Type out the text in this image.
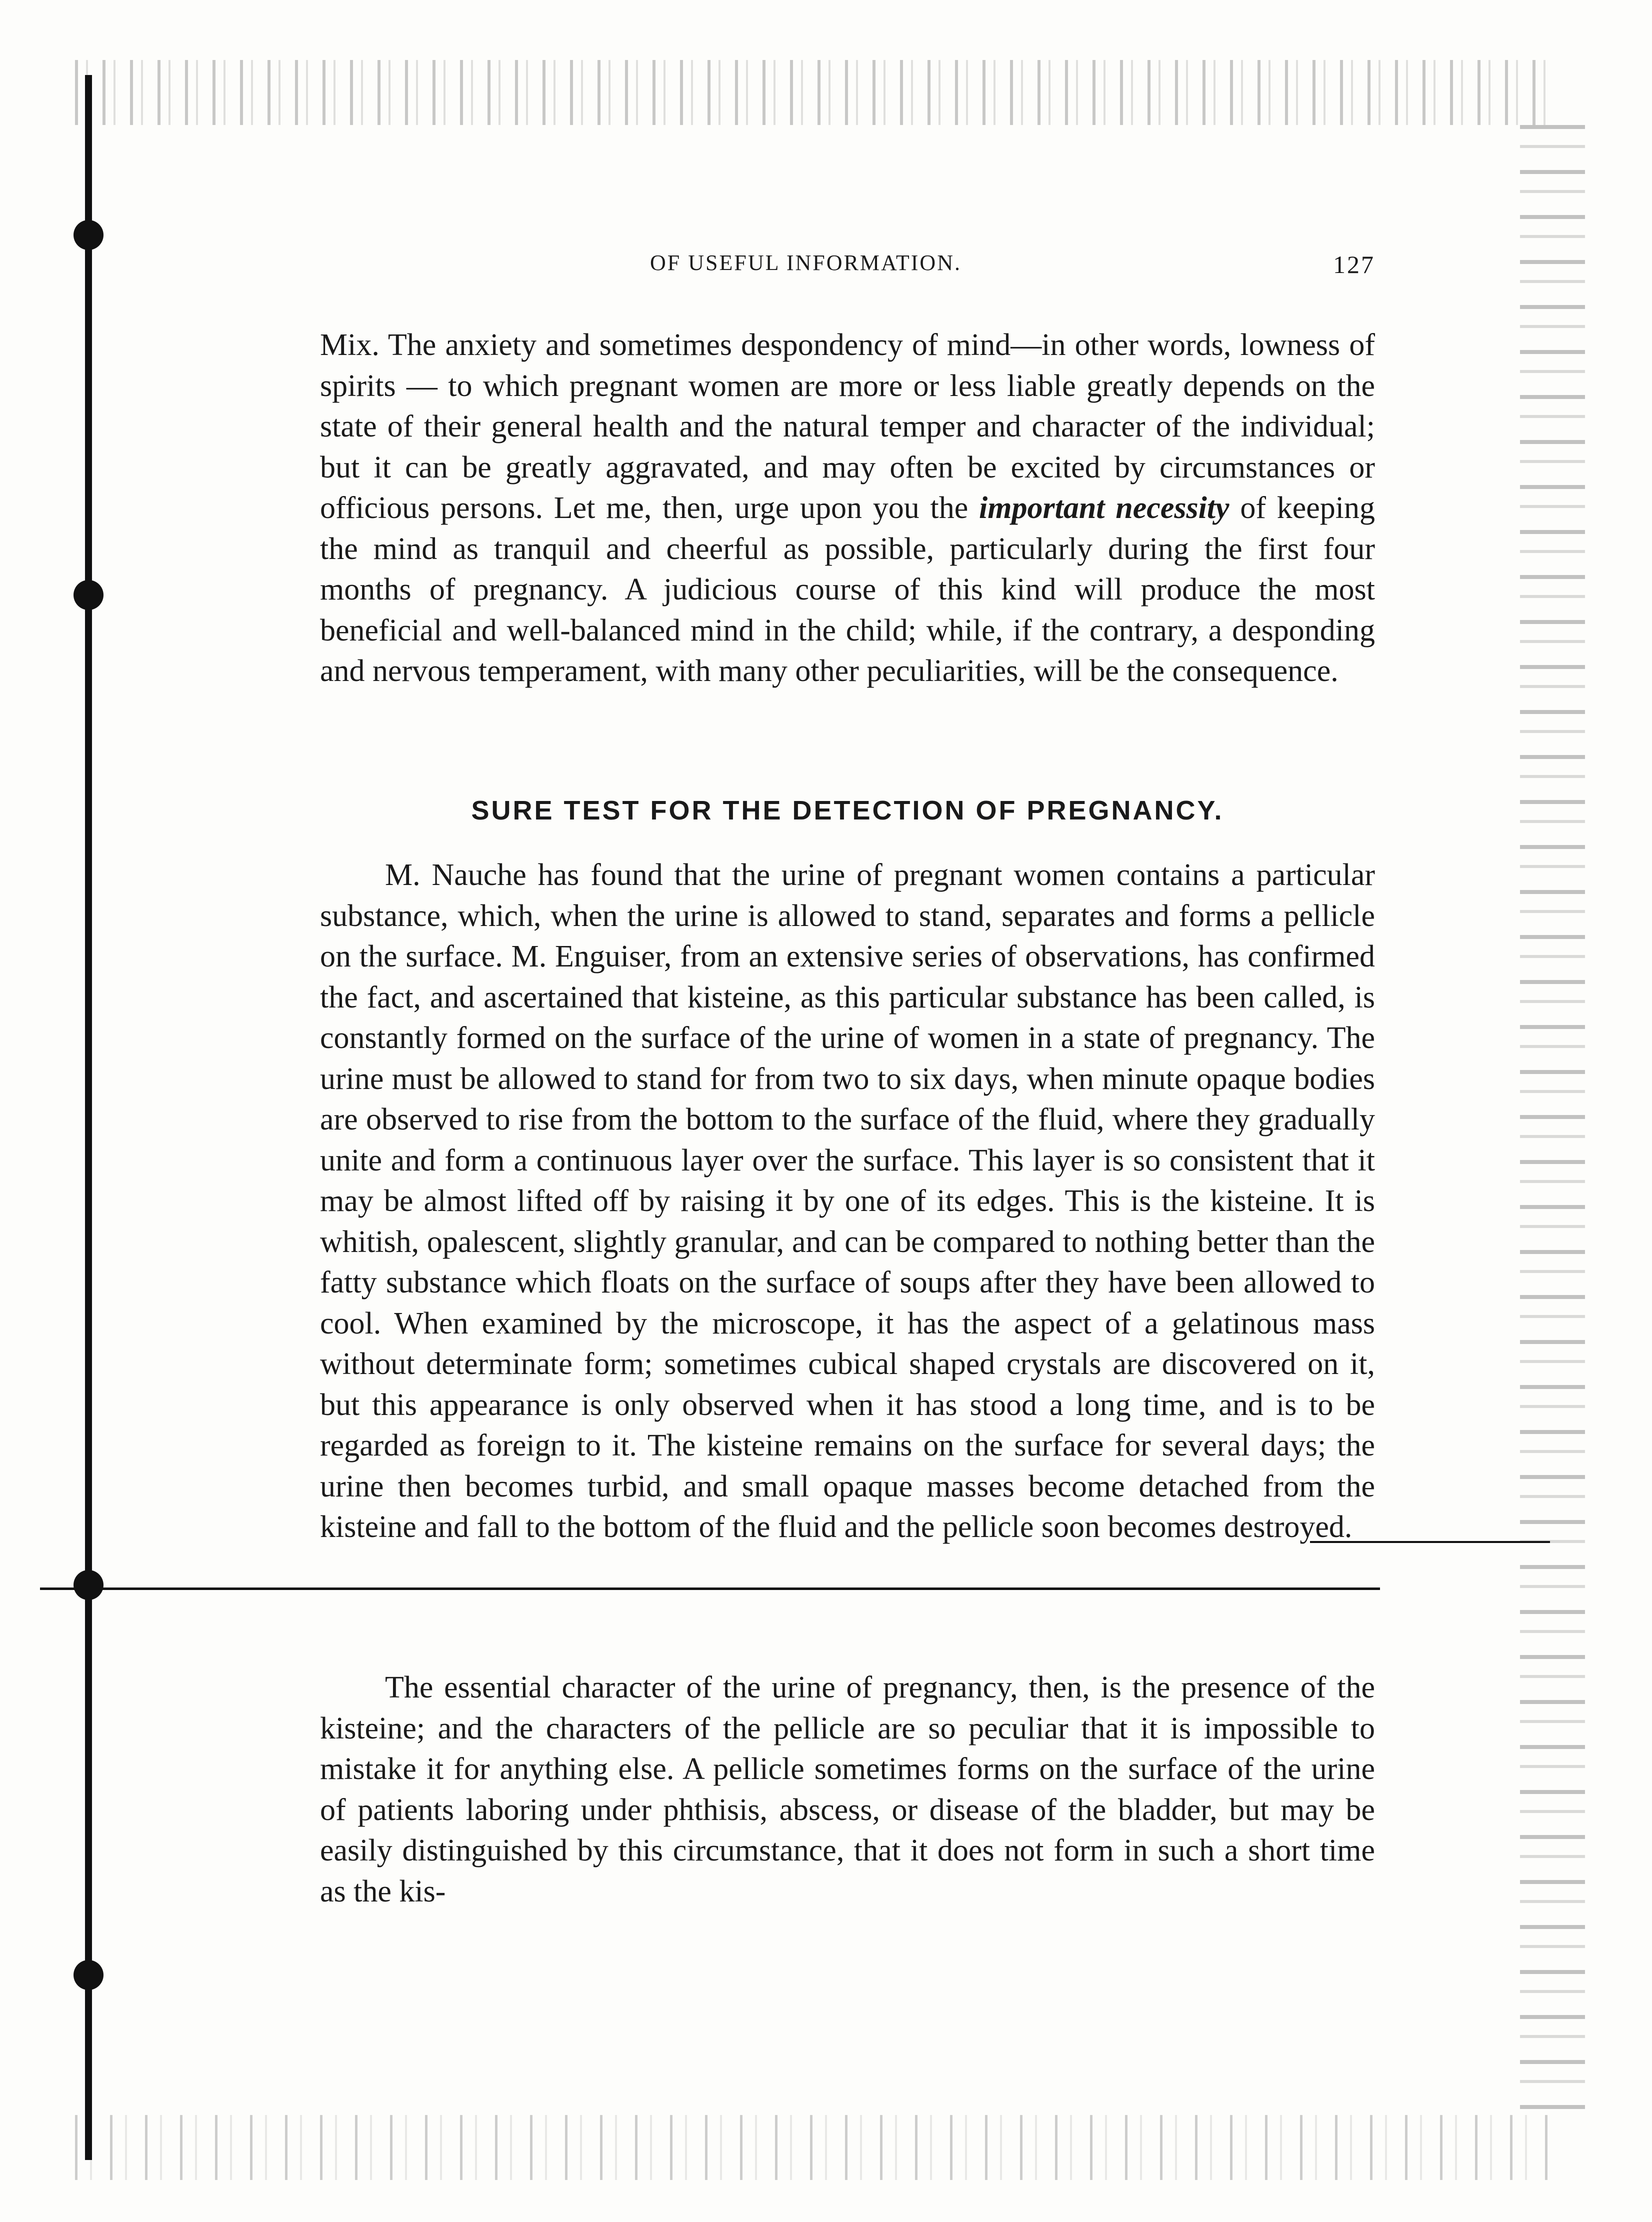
OF USEFUL INFORMATION.	127

Mix. The anxiety and sometimes despondency of mind—in other words, lowness of spirits — to which pregnant women are more or less liable greatly depends on the state of their general health and the natural temper and character of the individual; but it can be greatly aggravated, and may often be excited by circumstances or officious persons. Let me, then, urge upon you the important necessity of keeping the mind as tranquil and cheerful as possible, particularly during the first four months of pregnancy. A judicious course of this kind will produce the most beneficial and well-balanced mind in the child; while, if the contrary, a desponding and nervous temperament, with many other peculiarities, will be the consequence.

SURE TEST FOR THE DETECTION OF PREGNANCY.

M. Nauche has found that the urine of pregnant women contains a particular substance, which, when the urine is allowed to stand, separates and forms a pellicle on the surface. M. Enguiser, from an extensive series of observations, has confirmed the fact, and ascertained that kisteine, as this particular substance has been called, is constantly formed on the surface of the urine of women in a state of pregnancy. The urine must be allowed to stand for from two to six days, when minute opaque bodies are observed to rise from the bottom to the surface of the fluid, where they gradually unite and form a continuous layer over the surface. This layer is so consistent that it may be almost lifted off by raising it by one of its edges. This is the kisteine. It is whitish, opalescent, slightly granular, and can be compared to nothing better than the fatty substance which floats on the surface of soups after they have been allowed to cool. When examined by the microscope, it has the aspect of a gelatinous mass without determinate form; sometimes cubical shaped crystals are discovered on it, but this appearance is only observed when it has stood a long time, and is to be regarded as foreign to it. The kisteine remains on the surface for several days; the urine then becomes turbid, and small opaque masses become detached from the kisteine and fall to the bottom of the fluid and the pellicle soon becomes destroyed.

The essential character of the urine of pregnancy, then, is the presence of the kisteine; and the characters of the pellicle are so peculiar that it is impossible to mistake it for anything else. A pellicle sometimes forms on the surface of the urine of patients laboring under phthisis, abscess, or disease of the bladder, but may be easily distinguished by this circumstance, that it does not form in such a short time as the kis-
